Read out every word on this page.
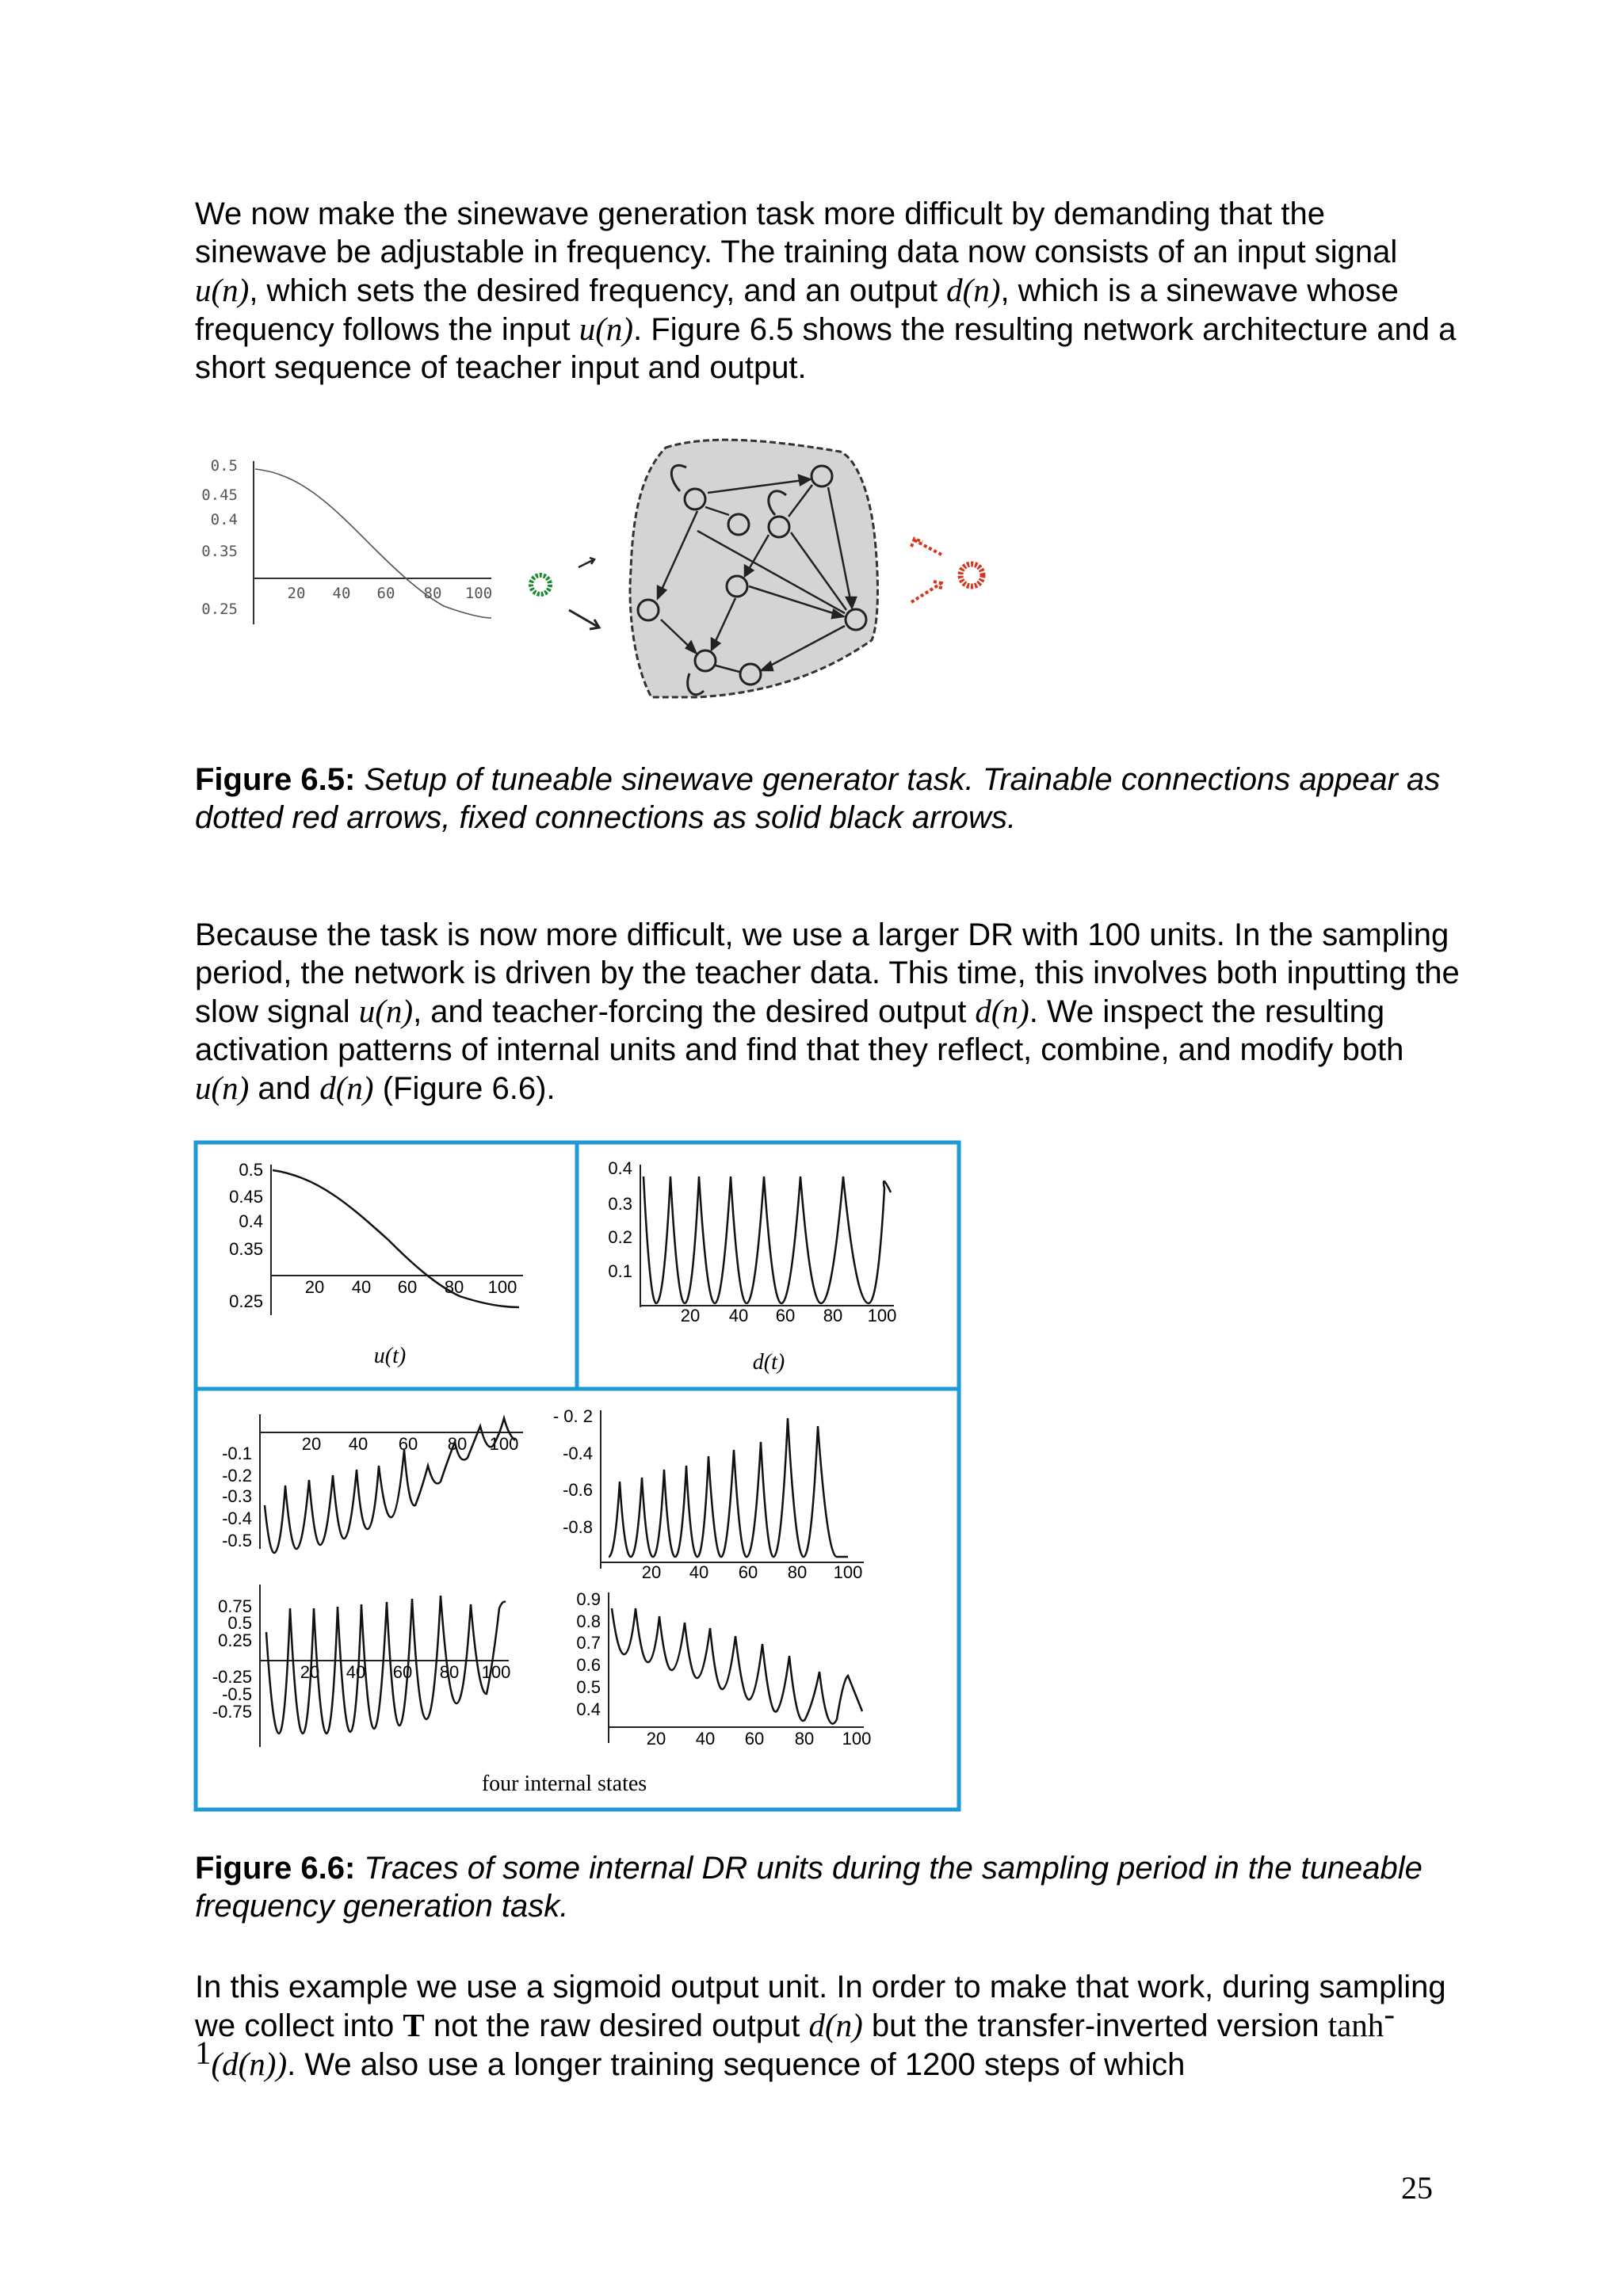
We now make the sinewave generation task more difficult by demanding that the sinewave be adjustable in frequency. The training data now consists of an input signal u(n), which sets the desired frequency, and an output d(n), which is a sinewave whose frequency follows the input u(n). Figure 6.5 shows the resulting network architecture and a short sequence of teacher input and output.

0.5
0.45
0.4
0.35
0.25
20 40 60 80 100

Figure 6.5: Setup of tuneable sinewave generator task. Trainable connections appear as dotted red arrows, fixed connections as solid black arrows.

Because the task is now more difficult, we use a larger DR with 100 units. In the sampling period, the network is driven by the teacher data. This time, this involves both inputting the slow signal u(n), and teacher-forcing the desired output d(n). We inspect the resulting activation patterns of internal units and find that they reflect, combine, and modify both u(n) and d(n) (Figure 6.6).

0.5
0.45
0.4
0.35
0.25
20 40 60 80 100
u(t)
0.4
0.3
0.2
0.1
20 40 60 80 100
d(t)
-0.1
-0.2
-0.3
-0.4
-0.5
20 40 60 80 100
- 0. 2
-0.4
-0.6
-0.8
20 40 60 80 100
0.75
0.5
0.25
-0.25
-0.5
-0.75
20 40 60 80 100
0.9
0.8
0.7
0.6
0.5
0.4
20 40 60 80 100
four internal states

Figure 6.6: Traces of some internal DR units during the sampling period in the tuneable frequency generation task.

In this example we use a sigmoid output unit. In order to make that work, during sampling we collect into T not the raw desired output d(n) but the transfer-inverted version $\tanh^{-1}(d(n))$. We also use a longer training sequence of 1200 steps of which

25
